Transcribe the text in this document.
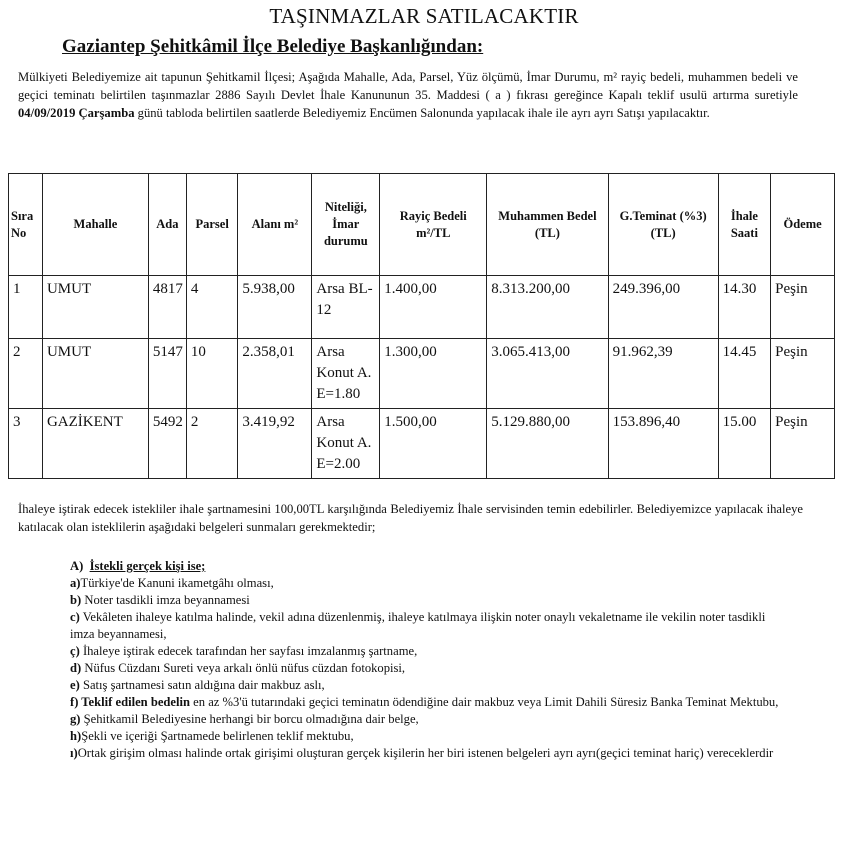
TAŞINMAZLAR SATILACAKTIR
Gaziantep Şehitkâmil İlçe Belediye Başkanlığından:
Mülkiyeti Belediyemize ait tapunun Şehitkamil İlçesi; Aşağıda Mahalle, Ada, Parsel, Yüz ölçümü, İmar Durumu, m² rayiç bedeli, muhammen bedeli ve geçici teminatı belirtilen taşınmazlar 2886 Sayılı Devlet İhale Kanununun 35. Maddesi ( a ) fıkrası gereğince Kapalı teklif usulü artırma suretiyle 04/09/2019 Çarşamba günü tabloda belirtilen saatlerde Belediyemiz Encümen Salonunda yapılacak ihale ile ayrı ayrı Satışı yapılacaktır.
Sıra No	Mahalle	Ada	Parsel	Alanı m²	Niteliği, İmar durumu	Rayiç Bedeli m²/TL	Muhammen Bedel (TL)	G.Teminat (%3)(TL)	İhale Saati	Ödeme
1	UMUT	4817	4	5.938,00	Arsa BL-12	1.400,00	8.313.200,00	249.396,00	14.30	Peşin
2	UMUT	5147	10	2.358,01	Arsa Konut A. E=1.80	1.300,00	3.065.413,00	91.962,39	14.45	Peşin
3	GAZİKENT	5492	2	3.419,92	Arsa Konut A. E=2.00	1.500,00	5.129.880,00	153.896,40	15.00	Peşin
İhaleye iştirak edecek istekliler ihale şartnamesini 100,00TL karşılığında Belediyemiz İhale servisinden temin edebilirler. Belediyemizce yapılacak ihaleye katılacak olan isteklilerin aşağıdaki belgeleri sunmaları gerekmektedir;
A) İstekli gerçek kişi ise;

a)Türkiye'de Kanuni ikametgâhı olması,

b) Noter tasdikli imza beyannamesi

c) Vekâleten ihaleye katılma halinde, vekil adına düzenlenmiş, ihaleye katılmaya ilişkin noter onaylı vekaletname ile vekilin noter tasdikli imza beyannamesi,

ç) İhaleye iştirak edecek tarafından her sayfası imzalanmış şartname,

d) Nüfus Cüzdanı Sureti veya arkalı önlü nüfus cüzdan fotokopisi,

e) Satış şartnamesi satın aldığına dair makbuz aslı,

f) Teklif edilen bedelin en az %3'ü tutarındaki geçici teminatın ödendiğine dair makbuz veya Limit Dahili Süresiz Banka Teminat Mektubu,

g) Şehitkamil Belediyesine herhangi bir borcu olmadığına dair belge,

h)Şekli ve içeriği Şartnamede belirlenen teklif mektubu,

ı)Ortak girişim olması halinde ortak girişimi oluşturan gerçek kişilerin her biri istenen belgeleri ayrı ayrı(geçici teminat hariç) vereceklerdir
